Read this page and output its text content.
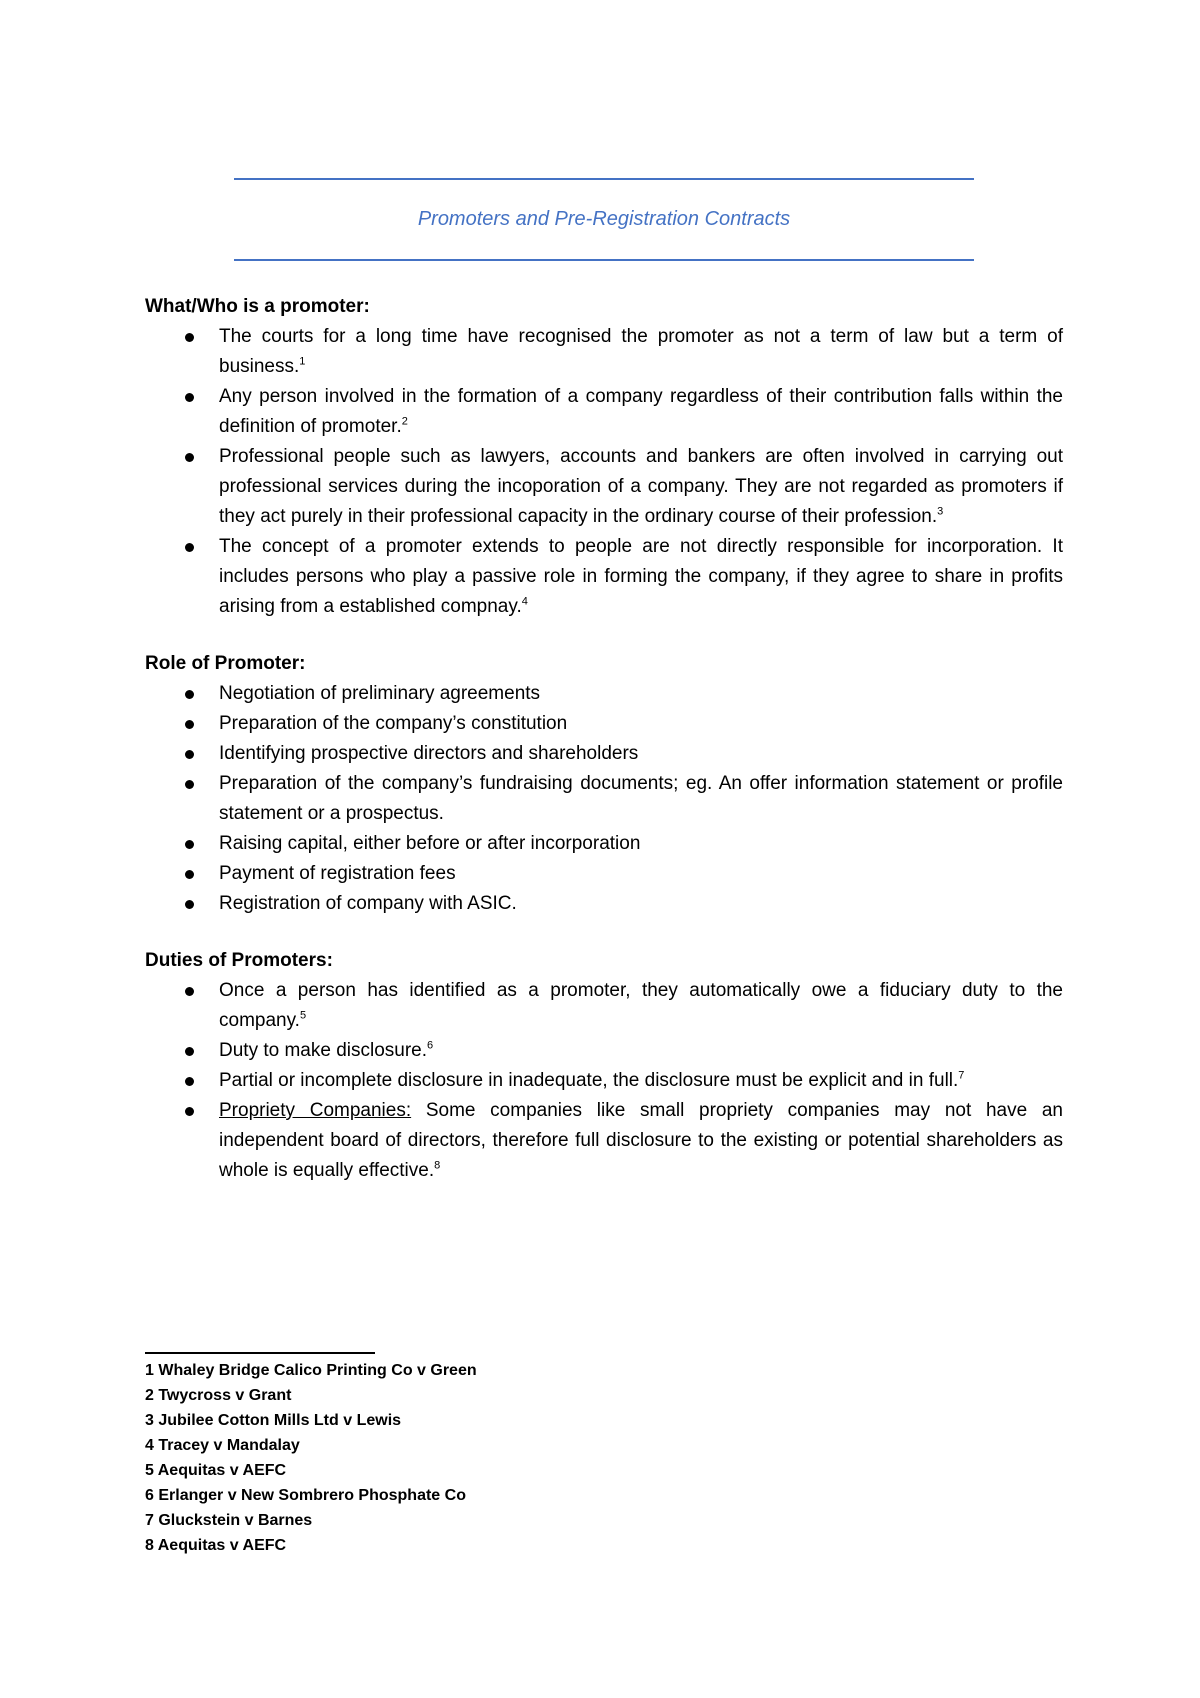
Promoters and Pre-Registration Contracts

What/Who is a promoter:

The courts for a long time have recognised the promoter as not a term of law but a term of business.$^1$
Any person involved in the formation of a company regardless of their contribution falls within the definition of promoter.$^2$
Professional people such as lawyers, accounts and bankers are often involved in carrying out professional services during the incoporation of a company. They are not regarded as promoters if they act purely in their professional capacity in the ordinary course of their profession.$^3$
The concept of a promoter extends to people are not directly responsible for incorporation. It includes persons who play a passive role in forming the company, if they agree to share in profits arising from a established compnay.$^4$

Role of Promoter:

Negotiation of preliminary agreements
Preparation of the company’s constitution
Identifying prospective directors and shareholders
Preparation of the company’s fundraising documents; eg. An offer information statement or profile statement or a prospectus.
Raising capital, either before or after incorporation
Payment of registration fees
Registration of company with ASIC.

Duties of Promoters:

Once a person has identified as a promoter, they automatically owe a fiduciary duty to the company.$^5$
Duty to make disclosure.$^6$
Partial or incomplete disclosure in inadequate, the disclosure must be explicit and in full.$^7$
Propriety Companies: Some companies like small propriety companies may not have an independent board of directors, therefore full disclosure to the existing or potential shareholders as whole is equally effective.$^8$
1 Whaley Bridge Calico Printing Co v Green
2 Twycross v Grant
3 Jubilee Cotton Mills Ltd v Lewis
4 Tracey v Mandalay
5 Aequitas v AEFC
6 Erlanger v New Sombrero Phosphate Co
7 Gluckstein v Barnes
8 Aequitas v AEFC
